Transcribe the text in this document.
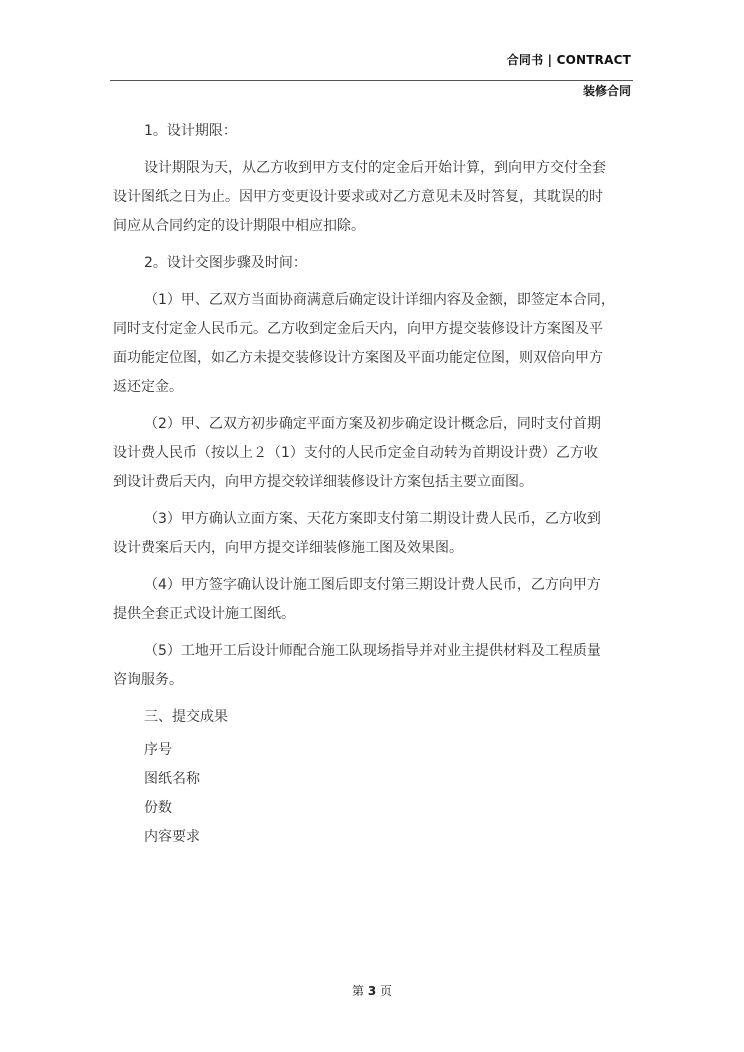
合同书 | CONTRACT
装修合同
1。设计期限：
设计期限为天，从乙方收到甲方支付的定金后开始计算，到向甲方交付全套
设计图纸之日为止。因甲方变更设计要求或对乙方意见未及时答复，其耽误的时
间应从合同约定的设计期限中相应扣除。
2。设计交图步骤及时间：
（1）甲、乙双方当面协商满意后确定设计详细内容及金额，即签定本合同，
同时支付定金人民币元。乙方收到定金后天内，向甲方提交装修设计方案图及平
面功能定位图，如乙方未提交装修设计方案图及平面功能定位图，则双倍向甲方
返还定金。
（2）甲、乙双方初步确定平面方案及初步确定设计概念后，同时支付首期
设计费人民币（按以上２（1）支付的人民币定金自动转为首期设计费）乙方收
到设计费后天内，向甲方提交较详细装修设计方案包括主要立面图。
（3）甲方确认立面方案、天花方案即支付第二期设计费人民币，乙方收到
设计费案后天内，向甲方提交详细装修施工图及效果图。
（4）甲方签字确认设计施工图后即支付第三期设计费人民币，乙方向甲方
提供全套正式设计施工图纸。
（5）工地开工后设计师配合施工队现场指导并对业主提供材料及工程质量
咨询服务。
三、提交成果
序号
图纸名称
份数
内容要求
第 3 页
